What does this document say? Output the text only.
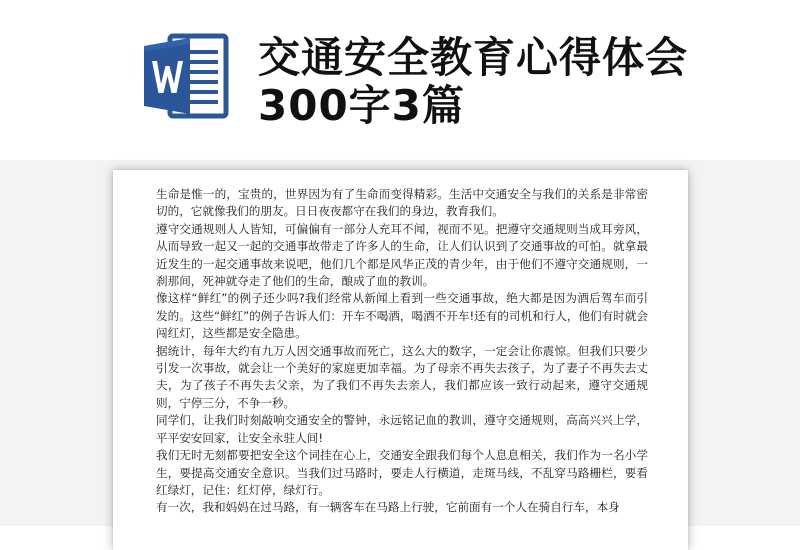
交通安全教育心得体会300字3篇

生命是惟一的，宝贵的，世界因为有了生命而变得精彩。生活中交通安全与我们的关系是非常密切的，它就像我们的朋友。日日夜夜都守在我们的身边，教育我们。

遵守交通规则人人皆知，可偏偏有一部分人充耳不闻，视而不见。把遵守交通规则当成耳旁风，从而导致一起又一起的交通事故带走了许多人的生命，让人们认识到了交通事故的可怕。就拿最近发生的一起交通事故来说吧，他们几个都是风华正茂的青少年，由于他们不遵守交通规则，一刹那间，死神就夺走了他们的生命，酿成了血的教训。

像这样“鲜红”的例子还少吗?我们经常从新闻上看到一些交通事故，绝大都是因为酒后驾车而引发的。这些“鲜红”的例子告诉人们：开车不喝酒，喝酒不开车!还有的司机和行人，他们有时就会闯红灯，这些都是安全隐患。

据统计，每年大约有九万人因交通事故而死亡，这么大的数字，一定会让你震惊。但我们只要少引发一次事故，就会让一个美好的家庭更加幸福。为了母亲不再失去孩子，为了妻子不再失去丈夫，为了孩子不再失去父亲，为了我们不再失去亲人，我们都应该一致行动起来，遵守交通规则，宁停三分，不争一秒。

同学们，让我们时刻敲响交通安全的警钟，永远铭记血的教训，遵守交通规则，高高兴兴上学，平平安安回家，让安全永驻人间!

我们无时无刻都要把安全这个词挂在心上，交通安全跟我们每个人息息相关，我们作为一名小学生，要提高交通安全意识。当我们过马路时，要走人行横道，走斑马线，不乱穿马路栅栏，要看红绿灯，记住：红灯停，绿灯行。

有一次，我和妈妈在过马路，有一辆客车在马路上行驶，它前面有一个人在骑自行车，本身
